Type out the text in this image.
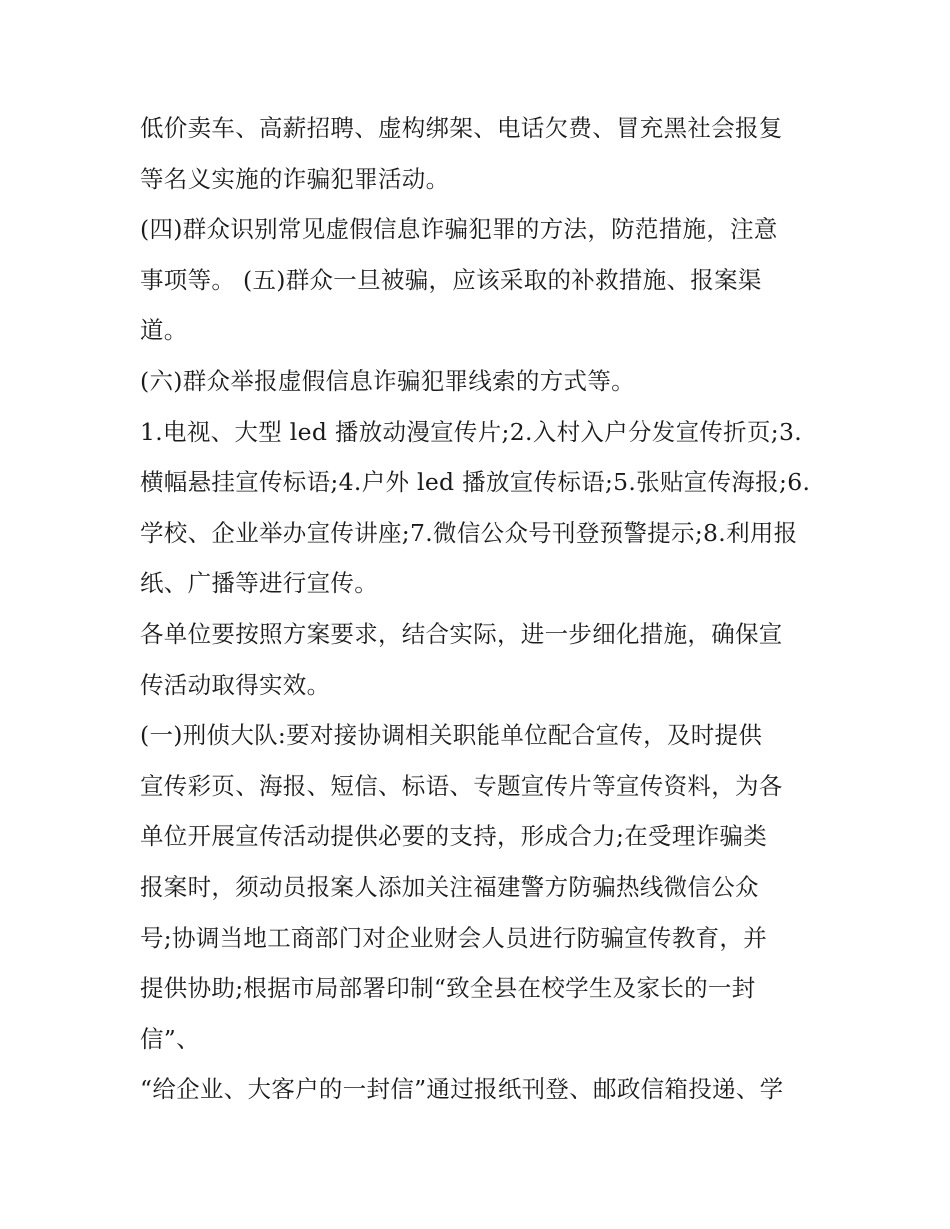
低价卖车、高薪招聘、虚构绑架、电话欠费、冒充黑社会报复
等名义实施的诈骗犯罪活动。
(四)群众识别常见虚假信息诈骗犯罪的方法，防范措施，注意
事项等。 (五)群众一旦被骗，应该采取的补救措施、报案渠
道。
(六)群众举报虚假信息诈骗犯罪线索的方式等。
1.电视、大型 led 播放动漫宣传片;2.入村入户分发宣传折页;3.
横幅悬挂宣传标语;4.户外 led 播放宣传标语;5.张贴宣传海报;6.
学校、企业举办宣传讲座;7.微信公众号刊登预警提示;8.利用报
纸、广播等进行宣传。
各单位要按照方案要求，结合实际，进一步细化措施，确保宣
传活动取得实效。
(一)刑侦大队:要对接协调相关职能单位配合宣传，及时提供
宣传彩页、海报、短信、标语、专题宣传片等宣传资料，为各
单位开展宣传活动提供必要的支持，形成合力;在受理诈骗类
报案时，须动员报案人添加关注福建警方防骗热线微信公众
号;协调当地工商部门对企业财会人员进行防骗宣传教育，并
提供协助;根据市局部署印制“致全县在校学生及家长的一封
信”、
“给企业、大客户的一封信”通过报纸刊登、邮政信箱投递、学
